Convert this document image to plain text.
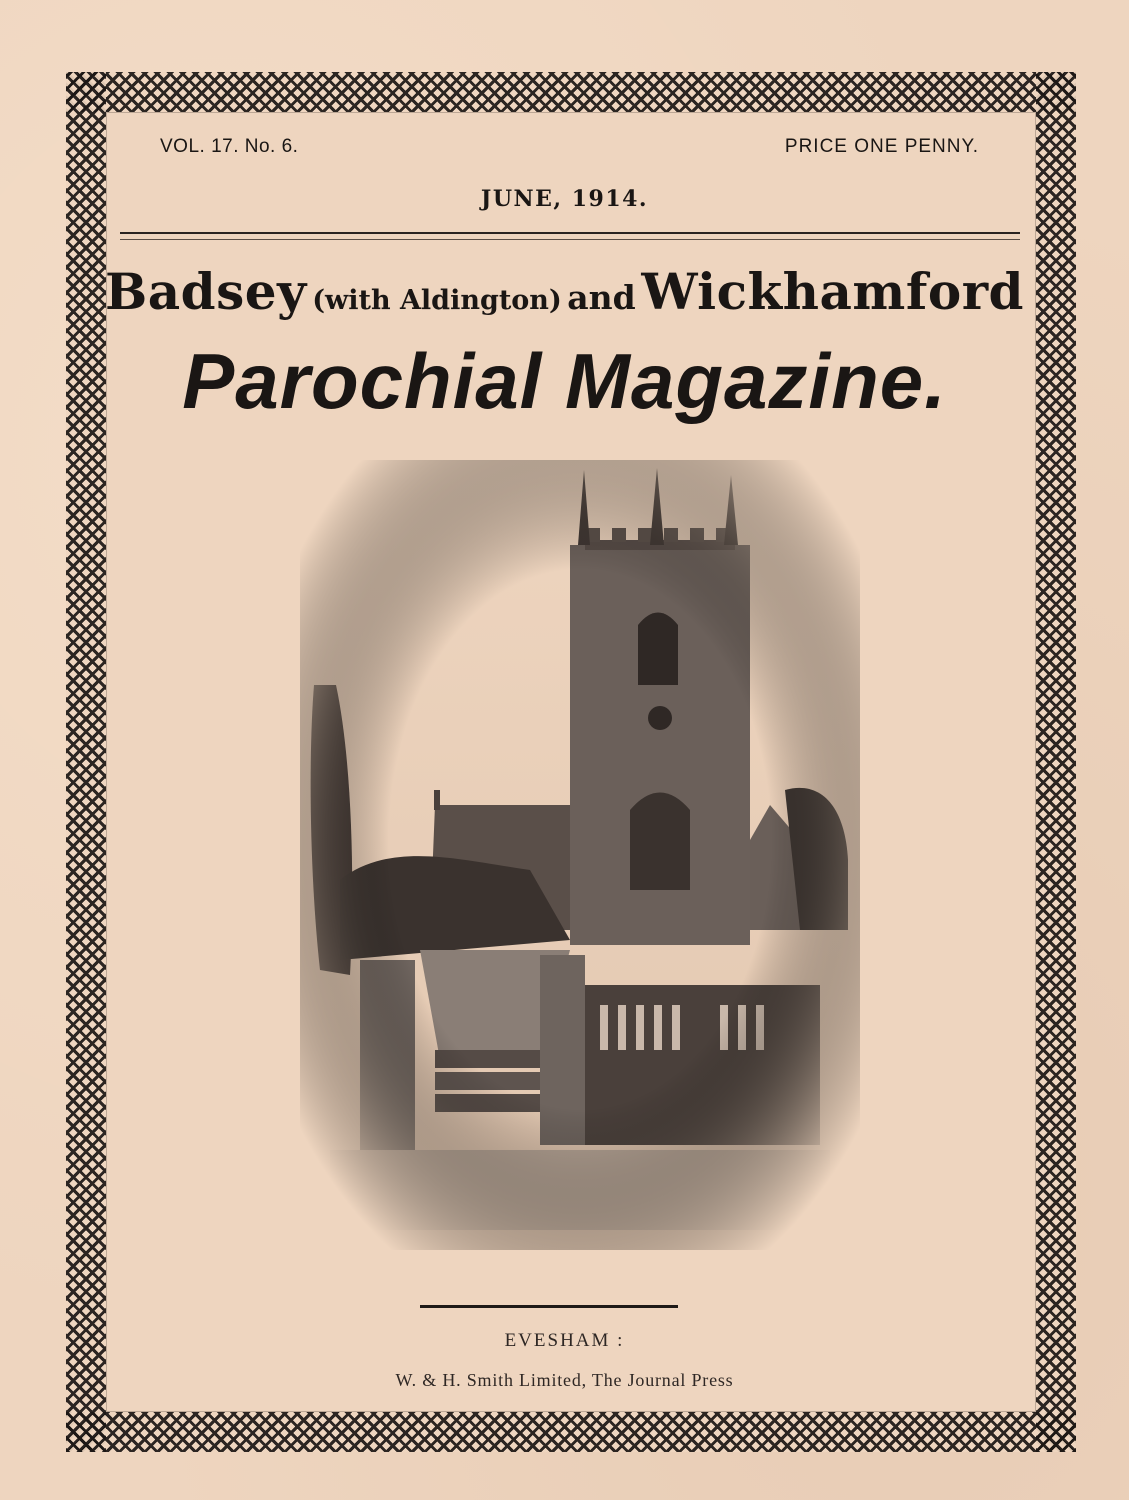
VOL. 17. No. 6.	PRICE ONE PENNY.
JUNE, 1914.
Badsey (with Aldington) and Wickhamford
Parochial Magazine.
EVESHAM :
W. & H. Smith Limited, The Journal Press
